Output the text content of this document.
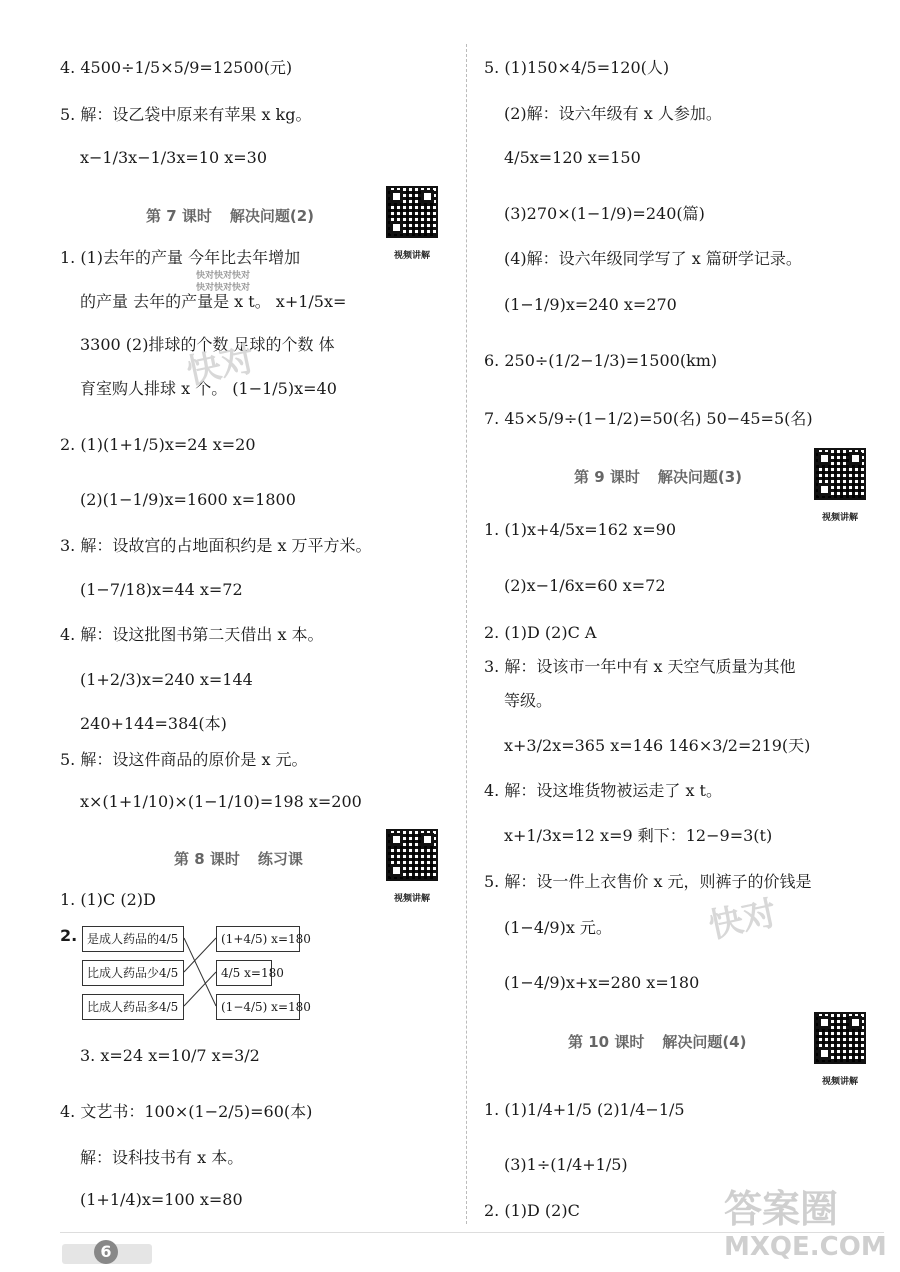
4. 4500÷1/5×5/9=12500(元)
5. 解：设乙袋中原来有苹果 x kg。
x−1/3x−1/3x=10 x=30
第 7 课时 解决问题(2)
1. (1)去年的产量 今年比去年增加
的产量 去年的产量是 x t。 x+1/5x=
3300 (2)排球的个数 足球的个数 体
育室购人排球 x 个。 (1−1/5)x=40
2. (1)(1+1/5)x=24 x=20
(2)(1−1/9)x=1600 x=1800
3. 解：设故宫的占地面积约是 x 万平方米。
(1−7/18)x=44 x=72
4. 解：设这批图书第二天借出 x 本。
(1+2/3)x=240 x=144
240+144=384(本)
5. 解：设这件商品的原价是 x 元。
x×(1+1/10)×(1−1/10)=198 x=200
第 8 课时 练习课
1. (1)C (2)D
2.
3. x=24 x=10/7 x=3/2
4. 文艺书：100×(1−2/5)=60(本)
解：设科技书有 x 本。
(1+1/4)x=100 x=80
是成人药品的4/5
比成人药品少4/5
比成人药品多4/5
(1+4/5) x=180
4/5 x=180
(1−4/5) x=180
5. (1)150×4/5=120(人)
(2)解：设六年级有 x 人参加。
4/5x=120 x=150
(3)270×(1−1/9)=240(篇)
(4)解：设六年级同学写了 x 篇研学记录。
(1−1/9)x=240 x=270
6. 250÷(1/2−1/3)=1500(km)
7. 45×5/9÷(1−1/2)=50(名) 50−45=5(名)
第 9 课时 解决问题(3)
1. (1)x+4/5x=162 x=90
(2)x−1/6x=60 x=72
2. (1)D (2)C A
3. 解：设该市一年中有 x 天空气质量为其他
等级。
x+3/2x=365 x=146 146×3/2=219(天)
4. 解：设这堆货物被运走了 x t。
x+1/3x=12 x=9 剩下：12−9=3(t)
5. 解：设一件上衣售价 x 元，则裤子的价钱是
(1−4/9)x 元。
(1−4/9)x+x=280 x=180
第 10 课时 解决问题(4)
1. (1)1/4+1/5 (2)1/4−1/5
(3)1÷(1/4+1/5)
2. (1)D (2)C
视频讲解
视频讲解
视频讲解
视频讲解
快对快对快对
快对快对快对
快对
快对
答案圈
MXQE.COM
6
